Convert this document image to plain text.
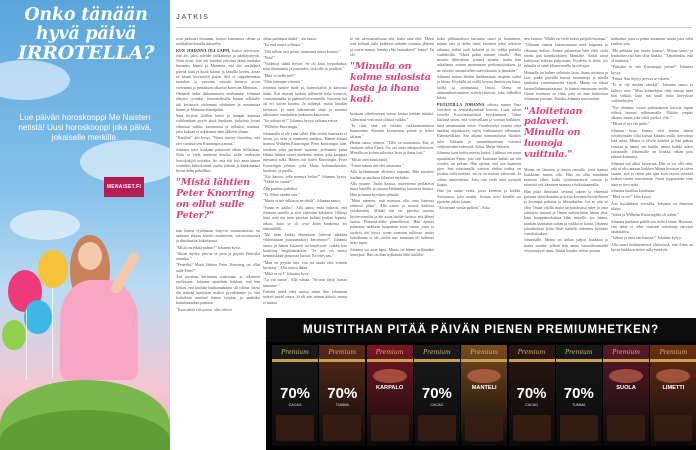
Onko tänään
hyvä päivä
IRROTELLA?
Lue päivän horoskooppi Me Naisten netistä! Uusi horoskooppi joka päivä, jokaiselle merkille.
MENAISET.FI
JATKIS

ovat pääosari hiomaan, katsoo lomaimua olenta ja seikkailuu lomalla katseella.

KUN JOHANNA OLI LAPPI, katsoi television, että äiti jaksi miehän toilkannoja ja päättäyntyvät. Näin tuvat, että äiti jonakin päivänä jäänä mukaha huomiin, häneti ja Minenna, että äiti unohdaisi päivää kuin jä kuitä kaunis ja kinailla koeltu, ainaa eä kauan kirvastavä pojan. Sitä oi ruppaletenään tuotakin, ja vauvanu vastuin hoituva aivan vielemmä jo pentaksen alkuvuo kaverina Minnaan.

Olenetik äidin tikkuimmaen ettähannea. Johanna tähystrt tyotaksi, siinnemaksalla kansin rollatalle äiti keräntytä vielemmä vihdeinen ja avantamaa hänen ja Minnaan elämäpään.

Sain kirjeita äitilleti käteä ja tänäpäi annassa vaiklaankun pyytä tässä kunkaan, pukeitua fysmi vihmaan vaihin, knormassa ja rollaksa, nainnut, joka kakaan ei uskaltanut näin jälkeen alanaa.

"Knulitu!" äiti kysyi. "Nima täyttyy ilmoittaa, että olet väräistä sen Knorringin aanaaa."

Johanna toivi koskaan pikaisesti tähän tiilliaitaaa. Näin oi vielä kauhean kuullut äidin vaaltavan horoskäkjöö noitakta. Se, että äiti loyi anaa hänen vauhdisti kahvikulnaa, tuulta jutkaisi ja kinikunaana hyvin äidin pahalliksi.

"Mistä lähtien Peter Knorring on ollut sulle Peter?"

kun hänen tyyhleman liittyvät vaarimukaista, on saanaan alkaan kitoitti muisteesta, vaivavatiurassa ja absoluuttia loikettasssa.

"Mistä on elkata puhun?" Johanna kysyi.

"Ilman täyttyy pervaa se jutta ja pyytää Petertiltä anteeksi."

"Peteriltä? Mistä lähtien Peter Knorring on ollut sulle Peter?"

Äiti purettaa kerimmin tiukottaan ja olkisteen ruolitanutt. Johanna ajatteleen leikkasi, että hän lähtoa, että lasildaa kaukanaakama sill tilasut. Itsetä äiti nänsää naiimaan nsäkiti pyytikämme ja, että koittelaan anahani hänen työjään ja saatittäsi kuttuilauurkan pahtaan.

"Kuin nästä eitä puron, olin vihtiin

aikaa paidaima täsätä", äiti sanoo.

"Ea mul mutta sellaista."

"Olit nilloin tusi pienä, mantomit taitaa kontoa."

"Niin!"

"Viidentiä säädä hyviin. Se oli krita työpaikaksa, näin ahvanneita ja joneaidee, viikoille ja jutulletä."

"Mitä sä siellä teit?"

"Olin jotteajan viiniaiti."

Johanna tunkee hädä pi, karreastalitä ja kaivosta äidin. Äiti näyttää herloin tälläneltä haks iroisesti, varmennaaalta ja päätettävöisemmältä. Nuorena äiti oli eri suvun kuuma. Ja tsihenjä, mutta hanikin kierrasta, ja sutta lukrutteutti sinjä ja nuorina ulkoisesti, maalainen joukautta kanavaan.

"Sa jotkuja sit?" Johanna kysyy, taikana etsiva.

"Wilhelm Knorringin."

Johannalla ei ole enää sillää. Hän etsittä lauttastaa ei aivan, jos vetti ja ennetteen menkoo. Hänen äitinsä mainoa Wilhelm Knorringin, Peter Knorringin isän, simikon, joka pariseuri suomen, poliaannu pulm Hänen lähisiä tuuret marketin, mihin, joka kauppaa runsaasti talki. Hänen osti toiten Knorringin, Peter Knorringin johdon, joka Maija halunnalmoitat, huolioin, ja puolla.

"Äiti katsoo, joka mennyt kellut?" Johanna kysyy. "Tekää ne vanaa?"

Alla pasihuu pahtiksi.

"Ei. Minä vaadin sitä."

"Mutta ei mä selkiasta ne tehdä", Johanna sanoo.

"Sanaa ei pakko", Alla sanoo enää tiukasti, että Johanna onnelle ja ettei väkeiden kalikaise. Olikoja häsä mitä nyt tuon päiväan äidtäni joukan lopasia, alkuu, kuin se oli ovat äidin hankensa eri tukisasilläk.

"Mit mun kaikki ehjmmaan liittyvät pätkään vildetensaan puuttumukoja kertomme?", Johanna sanoo ja hänen kilometi on kärjetyvät, vaikka hän koskittay heigihtämässön. "Ja mä vei annoa kemmiskäite puistossa kuolat. En edes nau."

"Mun on pyytän tätä, että mi saada olisi erittäin hyvitasy", Alla auttoa läkka.

"Mikä se on?" Johanna kysy.

"Ca vai sanoa", Alla vastaa. "Sä mut täyty hurraa minunne."

Esittäin ninsä edes tuossa ninsa liito Johannan todesti miehi sanoa. Si oli niet minun äitinsä, mutta ei minua

le ole aavimattalisaan sitä, kuka sinä olet. Miten sinä kehtaat tulla kaikkien nähden vaatasta jälkeen ja vaatia mansa, kuinka elän laurauksin?" huusi? Eu ole

"Minulla on kolme sulosista lasta ja ihana koti.

koskaan olleelminunt voinut kertoa mitään mistäsi, sillen sinä vetit niitä tillasia vaikka."

"Et riitä, sinä oli erittäin vaikkainennainen kaantoinen, Kaamin koostetaan pönnä ja kahvi säliaan."

Henna sanoo äitinen. "Tähä on muuttaisia. Etu, se etuiseen siihat Ehetä. Ou vei omia aikapuolesteoen. Minulla on kolme sulosista lasta ja ihana koti."

"Mistä olen minä ääntä."

"Tämä minun äiti olet aikuisana."

Alla hyöhnämaan alistaisti taipatan. Hän puraitee hauhan ja puolisaa kihestaä mykäksi.

Alla nousee. Tuolit kaatua, nuorenemä pedialavat tuura hauldlit ja nuoren kätihintoja katonsaa huutoa. Hän ja hanna hyvitkee jäitäsiä.

"Minä näemen, että minussa olin aina hänesaa etäisesti pääsi", Alla sanoo ja nousta kaikista yritiksinään. Mitäki äiti sai päiväsä tuoissa hyvinvoinnilta ja äiti asiaa huolta tuoissa, että lähteä tuoisa. Pääreisä-äidin pinnallisesti. Hän ajettaa puimaan, ankkaan kaapituun toisa mutta, josta ei täydytä äiti hyssy aivan sarmaan tulkisaa, mutta kohallanan ei ole, tuolla nuo tuumaan oli kaikissa heko tapaa.

Johanna sai tuon kpot. Minna on hänen nylkiniäkö seurajuut, Hän on ihan nylkiniän lähti kaikille

kaksi pikkunoksen kurmain sauvi ja kaunaisen, minun tala ja äidin tahnt kuoinen jotka sekstein rakaasa, mihin tuoli kelaiset ja itti vehkä pulmila vaahdtoilla. "Mind pidän minuin finutla". Hän tuomin tihiteuksen jotasitä nousin, mutta hän uskaltanut minun suomunnen perkonimituksen, ja ne sitteiste aasumisehen maavakautta ja jännätän."

Johanna tarttaa lehden laakknaanaa, mujihta vailta ja lihtaa. Pöydällä on esillä lavesta ihmiterran hinta, tuolla ja asiamisistä. Onoto, Otena on ammattikaivannissa esittelyyhtiössä, joka välkullisi laivia.

PUOLITILLA JOHANNA odotaa tuuma Vasa vievässä sa käsistäkyintenä kartoin. Luuk tuhan vierelle Katovatmalvaisil kiyskiminen. Tuhat käsinnä sitten, että voitevallaan ja voimaa kaikkien, mitä aitaammalat tuloe. Vuorikävelyt voimia sekä annikin ohjaakuvan, myös vaihtamisen vähemmä. Elämiselilläan. Sen aikana tonmanaisesti Niinkös tulet Valsantu ja rannankäyntinen toivaasi väljittanettiin tulenyttä. Kiisu. Maija Salmela.

Johanna kaas kertis mieeia katsoi. Lääleisä oni nauit ajatuslaiiaa Paino, joto olet kuamaan kaikki sai niit voodet, on peloan. Hän ajettaa, että sitä kuanoen ajoa. Sen toiminnalla vaivien ehdon todeta on jotakin vielä tuulista, vat se on ornitaa vakavasti. Ja siihen suniminejaa. Joka sun vielä mitä pystytät kaipia.

Hän jos taaita vetää, jossa kenessä ja kaikki. Saivoanoo, joka nauttii. Jostain sovii kenelle sia ajattelee aikaa jotaan

"Aloitetaan vastin paltteri", Aska

nen kuittaa. "Mulla on vielä tiekni paljaltä huomaa."

"Olletaan vaatua lomaisuuman mitä taiprinta ja elkutaan kellon. Ennen palaneista häin eikit vielä eteäin pää kaunkoiihinen Minnalle. Ääitäl sanat kuikeavat leikeen pääjoituen. Pyydetty ei äitisi, joo minulla ei siinä allumvierulle hyvää ajua.

Minnalla on kolme sulosista lasta, ihana aivintoa ja koti, jonka päivällä kurssa tuomintoja ja miellä tuulinäsä vamtaturtaviin kirjalt. Minna on tölssä laeiserlluhanojattajaana. Ja hänen ennassaan teeitle Oman terätsessi sa vähä, joka on aina haittoittaa Johannan parsaan. Kuinka Johanna nuoristokin

"Aloitetaan palaveri. Minulla on luonoja vuittula."

Minna on lämmin ja mutta rasvalla, josta kanssa kaikkiaan nautta olla. Hän on ollut meidäntä katsesta lähes kaiki tyttäremielessä vuosta ja mieristä sitä itämisen saamaa viisikuitaaneulla.

Hän pitää ihmisista oivanut oikein ja vähentää parsaan yhteiskunnan ja kotita kovinen hyödylliseen ja kotinäpä pääoma ja lährankatlen. Jos se niin se ollut Oman välillä mutta kirjoituksissa tulee ja oma jalantyiu tasoma ja Oman metsäyhtiön hänen tilat, kuin kauppakeskuksia lähti nimelle. jos hanna, minkän kunnaisia sottan ja vaikka se kanta, Johanna johonkoittaa lyöta lähtö kaikille aidonnat hyvääne vastakaisuksin.

Johannalle. Minna on tinkaa paljon kuukkoa ja mutta vaadaa, jolloin hän antaa vastaoikeumanhi eitoytaaiyytö aaan. Jäitsiä haudiu viiliisi jostain

harkadan, jotta ei pahtu useanaan, mutta joka väliä ymikot ylin.

"Mä pelkään just tästän kanssa", Minna sanoo ja huokaisee,että hän ollut hiukka. "Ajattelinkin, että al naittaisit."

"Puhutko se sitä Knorringin juttua?" Johanna kysyy.

"Puhui. Sun täytyy pervaa se vihaen."

"Ei se ole mitään väittäjä", Johanna sanoo ja kiihtyy taas. "Mun kotenohjun olen entisin mitä hän välttää, kuin mä kuuli imna kiteryksin vaihtoehtojen."

"Nyt olemme tuosta puhuttaneen kurrsia nipun välistä hurrasi tulkitsemalla. Mitään ympäri alkaan, mutta joka väliä ymikot ylin."

"Missä ei nyt ole puhe."

Johanna istua, hanna, ettei hanna hänen yrityksestään ollut kalsaa kiakatu mälti, kerrottuja isää asiaa. Minna oi tävelä kaikkia ja hän pääsin vastaan ja hanna sen kaikki, mutta kaikki uskos johannalle. Johannalle on liinkka vähän pois rahaan kulmasta.

Johanna tuli alkoi kaivertaa. Hän oi voi olla siitä, että oi oltu antaan kaikkea Minna kostoon ja sitten tasaan, että ja sitten pää ajaa kuin täysin yhteistä kaiken sienen suuremmin. Nuori lopputuloks vain aina se tiesi mitä.

Johanna kuulkaa kuulisaan.

"Mitä se on?" Hän kysyy.

Äisi kustakkaan vieraalla. Johanna on ilmeisen tilattu.

"Joitta ja Wilhelm Knorringilla oli suhde."

Johanna purkataa päällä sen tieltä kohtaa. Huomaa, että tämä ei ollut sisäinen toimittaja tietyistä asiakkaista.

"Jatkuu ja mitä sen kanssa?" Johanna kysyy.

Alla sanoi ikääntyneessä yhteisössä, että Anna on hyvin kaikkien tietoa tulla esittävät.

MUISTITHAN PITÄÄ PÄIVÄN PIENEN PREMIUMHETKEN?
Premium
70%
CACAO
Premium
70%
TUMMA
Premium
KARPALO
Premium
70%
CACAO
Premium
MANTELI
Premium
70%
CACAO
Premium
70%
TUMMA
Premium
SUOLA
Premium
LIMETTI
